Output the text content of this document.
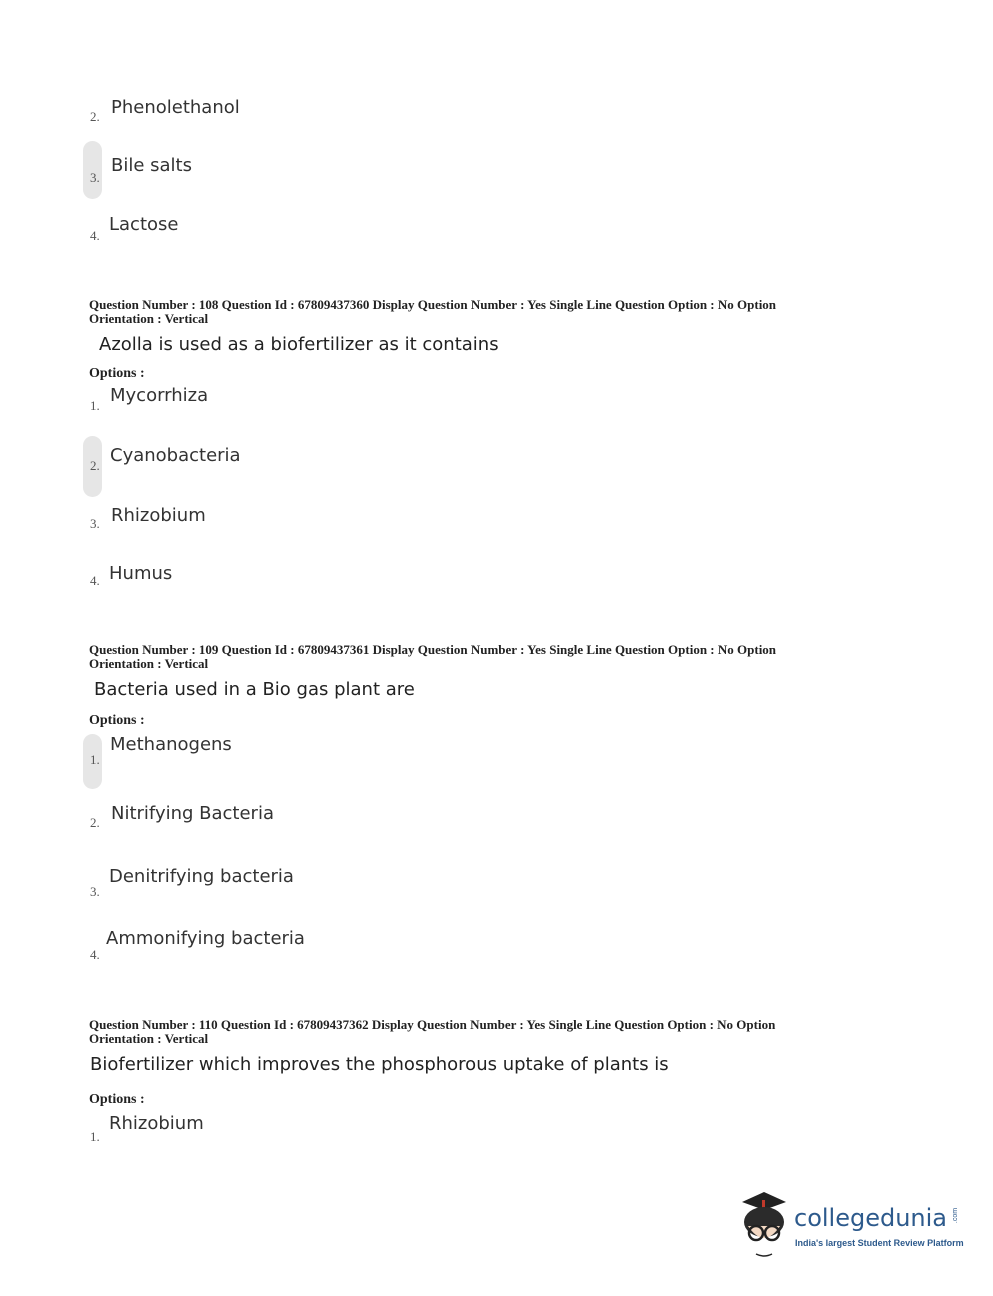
2. Phenolethanol
3.
Bile salts
4.
Lactose
Question Number : 108 Question Id : 67809437360 Display Question Number : Yes Single Line Question Option : No Option
Orientation : Vertical
Azolla is used as a biofertilizer as it contains
Options :
1. Mycorrhiza
2. Cyanobacteria
3. Rhizobium
4. Humus
Question Number : 109 Question Id : 67809437361 Display Question Number : Yes Single Line Question Option : No Option
Orientation : Vertical
Bacteria used in a Bio gas plant are
Options :
1.
Methanogens
2. Nitrifying Bacteria
3.
Denitrifying bacteria
4.
Ammonifying bacteria
Question Number : 110 Question Id : 67809437362 Display Question Number : Yes Single Line Question Option : No Option
Orientation : Vertical
Biofertilizer which improves the phosphorous uptake of plants is
Options :
1.
Rhizobium
collegedunia .com
India's largest Student Review Platform
